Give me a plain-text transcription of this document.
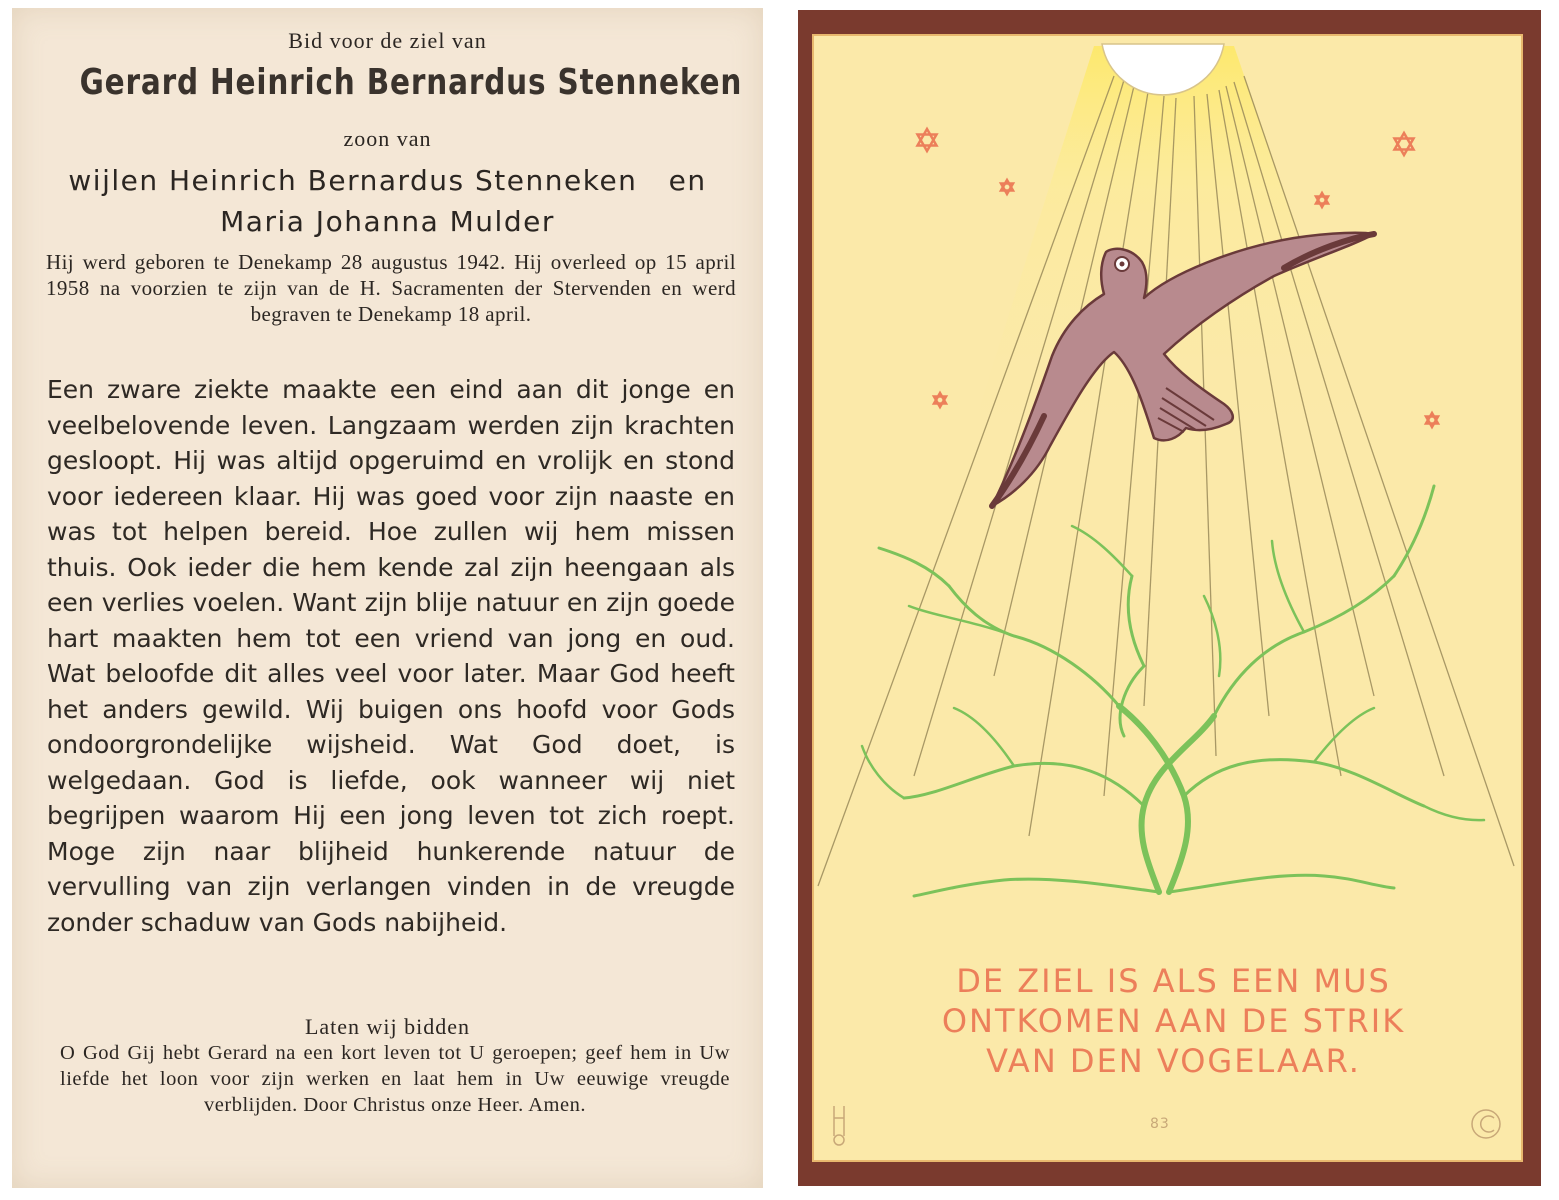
Bid voor de ziel van
Gerard Heinrich Bernardus Stenneken
zoon van
wijlen Heinrich Bernardus Stenneken   en
Maria Johanna Mulder
Hij werd geboren te Denekamp 28 augustus 1942. Hij overleed op 15 april 1958 na voorzien te zijn van de H. Sacramenten der Stervenden en werd begraven te Denekamp 18 april.
Een zware ziekte maakte een eind aan dit jonge en veelbelovende leven. Langzaam werden zijn krachten gesloopt. Hij was altijd opgeruimd en vrolijk en stond voor iedereen klaar. Hij was goed voor zijn naaste en was tot helpen bereid. Hoe zullen wij hem missen thuis. Ook ieder die hem kende zal zijn heengaan als een verlies voelen. Want zijn blije natuur en zijn goede hart maakten hem tot een vriend van jong en oud. Wat beloofde dit alles veel voor later. Maar God heeft het anders gewild. Wij buigen ons hoofd voor Gods ondoorgrondelijke wijsheid. Wat God doet, is welgedaan. God is liefde, ook wanneer wij niet begrijpen waarom Hij een jong leven tot zich roept. Moge zijn naar blijheid hunkerende natuur de vervulling van zijn verlangen vinden in de vreugde zonder schaduw van Gods nabijheid.
Laten wij bidden
O God Gij hebt Gerard na een kort leven tot U geroepen; geef hem in Uw liefde het loon voor zijn werken en laat hem in Uw eeuwige vreugde verblijden. Door Christus onze Heer. Amen.
DE ZIEL IS ALS EEN MUS
ONTKOMEN AAN DE STRIK
VAN DEN VOGELAAR.
83
